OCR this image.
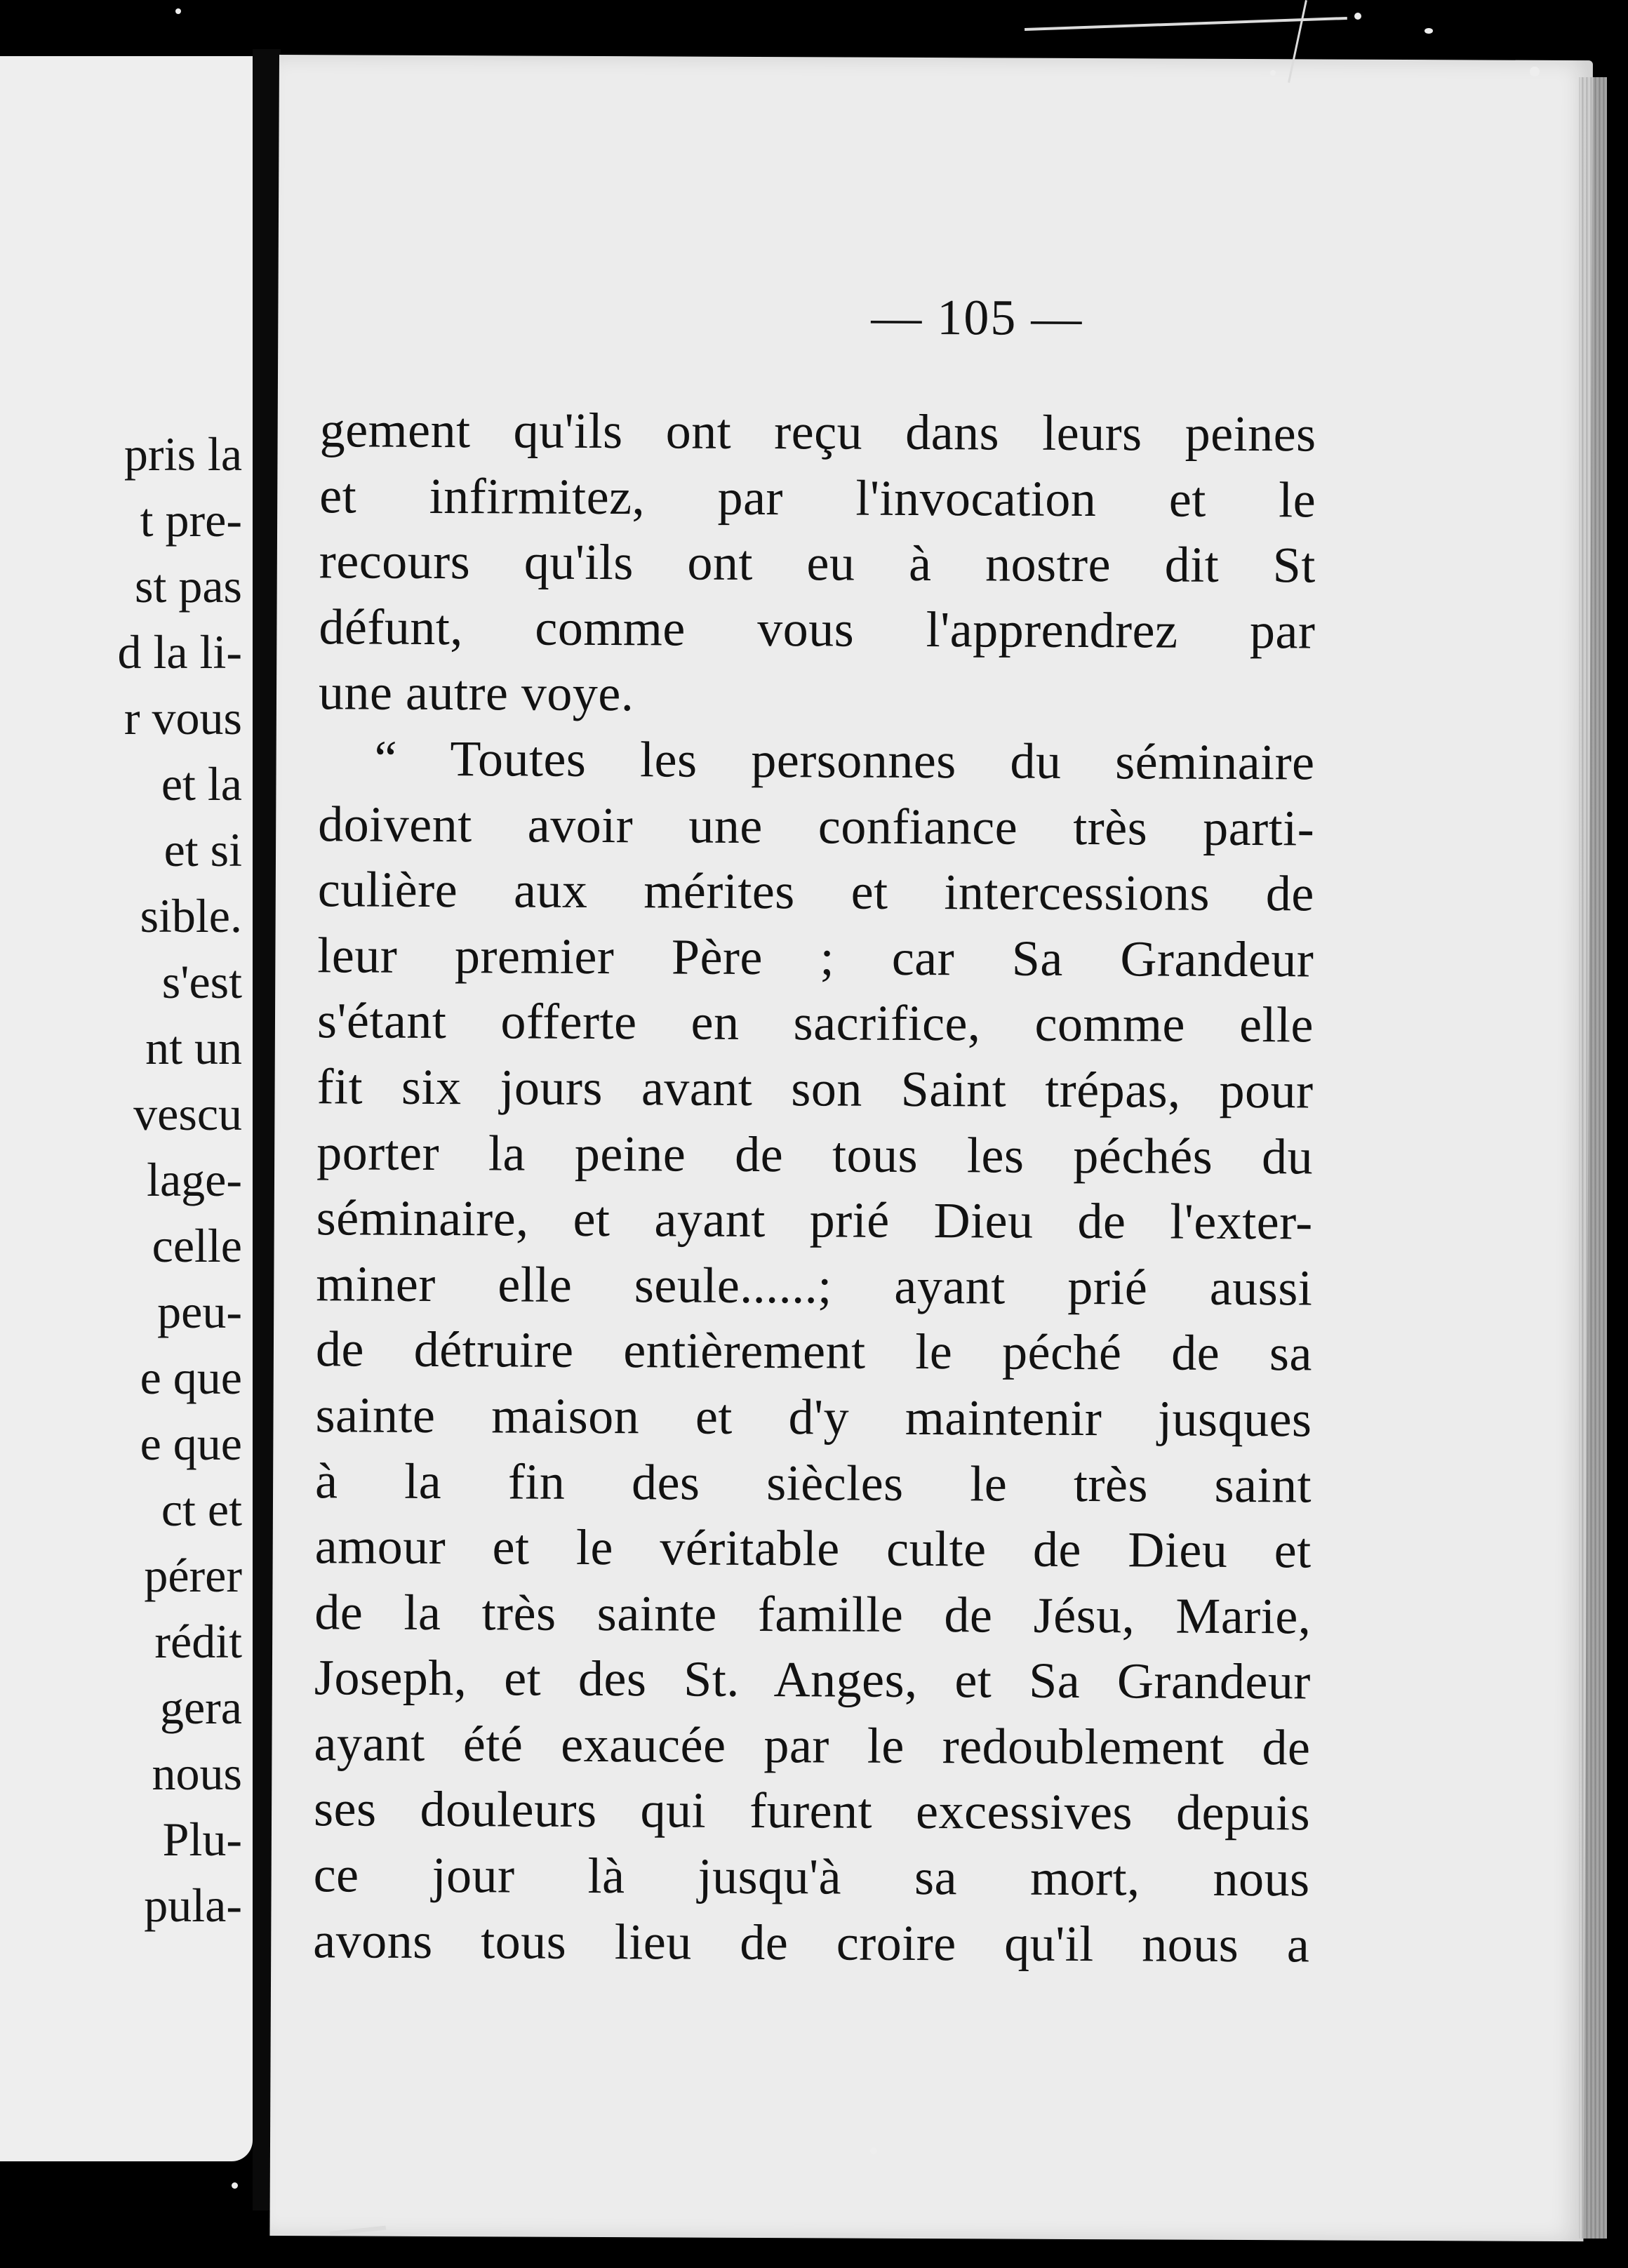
pris la
t pre-
st pas
d la li-
r vous
et la
et si
sible.
s'est
nt un
vescu
lage-
celle
peu-
e que
e que
ct et
pérer
rédit
gera
nous
Plu-
pula-
— 105 —
gement qu'ils ont reçu dans leurs peines
et infirmitez, par l'invocation et le
recours qu'ils ont eu à nostre dit St
défunt, comme vous l'apprendrez par
une autre voye.
“ Toutes les personnes du séminaire
doivent avoir une confiance très parti-
culière aux mérites et intercessions de
leur premier Père ; car Sa Grandeur
s'étant offerte en sacrifice, comme elle
fit six jours avant son Saint trépas, pour
porter la peine de tous les péchés du
séminaire, et ayant prié Dieu de l'exter-
miner elle seule......; ayant prié aussi
de détruire entièrement le péché de sa
sainte maison et d'y maintenir jusques
à la fin des siècles le très saint
amour et le véritable culte de Dieu et
de la très sainte famille de Jésu, Marie,
Joseph, et des St. Anges, et Sa Grandeur
ayant été exaucée par le redoublement de
ses douleurs qui furent excessives depuis
ce jour là jusqu'à sa mort, nous
avons tous lieu de croire qu'il nous a
